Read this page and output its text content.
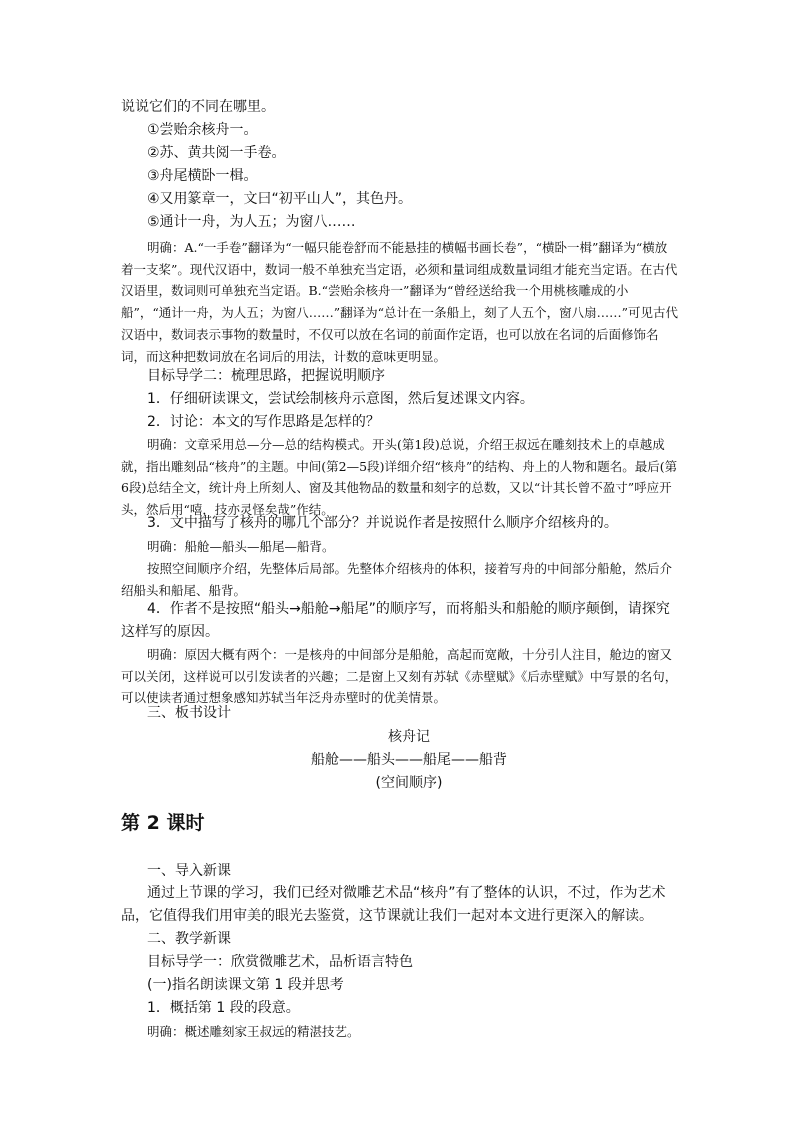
说说它们的不同在哪里。
①尝贻余核舟一。
②苏、黄共阅一手卷。
③舟尾横卧一楫。
④又用篆章一，文曰“初平山人”，其色丹。
⑤通计一舟，为人五；为窗八……
明确：A.“一手卷”翻译为“一幅只能卷舒而不能悬挂的横幅书画长卷”，“横卧一楫”翻译为“横放着一支桨”。现代汉语中，数词一般不单独充当定语，必须和量词组成数量词组才能充当定语。在古代汉语里，数词则可单独充当定语。B.“尝贻余核舟一”翻译为“曾经送给我一个用桃核雕成的小船”，“通计一舟，为人五；为窗八……”翻译为“总计在一条船上，刻了人五个，窗八扇……”可见古代汉语中，数词表示事物的数量时，不仅可以放在名词的前面作定语，也可以放在名词的后面修饰名词，而这种把数词放在名词后的用法，计数的意味更明显。
目标导学二：梳理思路，把握说明顺序
1．仔细研读课文，尝试绘制核舟示意图，然后复述课文内容。
2．讨论：本文的写作思路是怎样的？
明确：文章采用总—分—总的结构模式。开头(第1段)总说，介绍王叔远在雕刻技术上的卓越成就，指出雕刻品“核舟”的主题。中间(第2—5段)详细介绍“核舟”的结构、舟上的人物和题名。最后(第6段)总结全文，统计舟上所刻人、窗及其他物品的数量和刻字的总数，又以“计其长曾不盈寸”呼应开头，然后用“嘻，技亦灵怪矣哉”作结。
3．文中描写了核舟的哪几个部分？并说说作者是按照什么顺序介绍核舟的。
明确：船舱—船头—船尾—船背。
按照空间顺序介绍，先整体后局部。先整体介绍核舟的体积，接着写舟的中间部分船舱，然后介绍船头和船尾、船背。
4．作者不是按照“船头→船舱→船尾”的顺序写，而将船头和船舱的顺序颠倒，请探究这样写的原因。
明确：原因大概有两个：一是核舟的中间部分是船舱，高起而宽敞，十分引人注目，舱边的窗又可以关闭，这样说可以引发读者的兴趣；二是窗上又刻有苏轼《赤壁赋》《后赤壁赋》中写景的名句，可以使读者通过想象感知苏轼当年泛舟赤壁时的优美情景。
三、板书设计
核舟记
船舱——船头——船尾——船背
(空间顺序)
第 2 课时
一、导入新课
通过上节课的学习，我们已经对微雕艺术品“核舟”有了整体的认识，不过，作为艺术品，它值得我们用审美的眼光去鉴赏，这节课就让我们一起对本文进行更深入的解读。
二、教学新课
目标导学一：欣赏微雕艺术，品析语言特色
(一)指名朗读课文第 1 段并思考
1．概括第 1 段的段意。
明确：概述雕刻家王叔远的精湛技艺。
